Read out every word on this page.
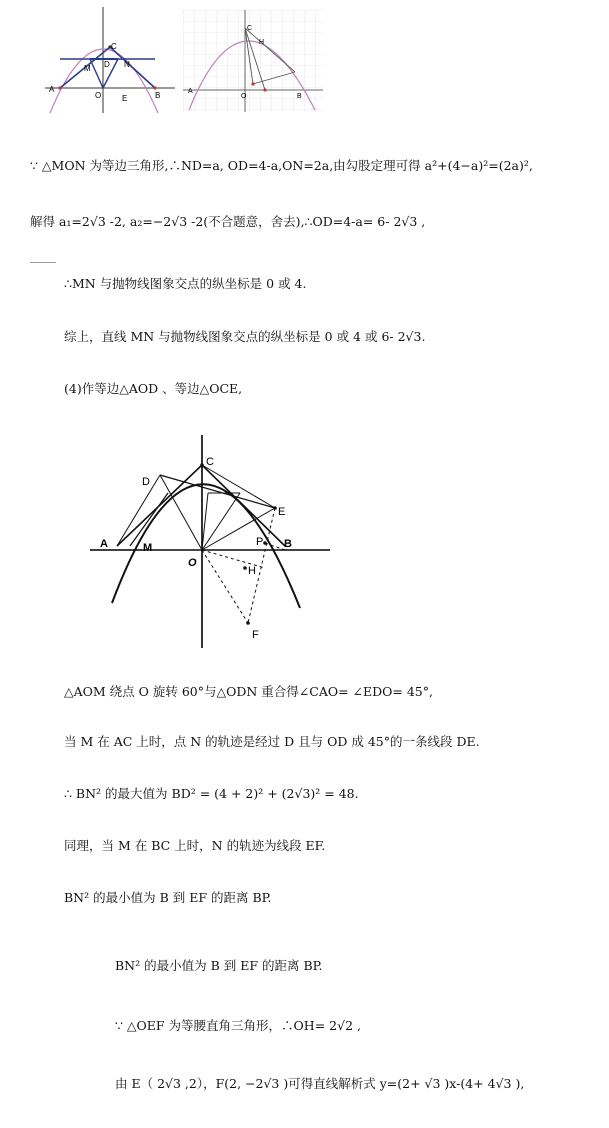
C
M D N
A
O	E	B
C
H
A
O	B
∵ △MON 为等边三角形,∴ND=a, OD=4-a,ON=2a,由勾股定理可得 a²+(4−a)²=(2a)²,
解得 a₁=2√3 -2, a₂=−2√3 -2(不合题意，舍去),∴OD=4-a= 6- 2√3 ,
∴MN 与抛物线图象交点的纵坐标是 0 或 4.
综上，直线 MN 与抛物线图象交点的纵坐标是 0 或 4 或 6- 2√3.
(4)作等边△AOD 、等边△OCE,
C
D
E
A	M
O
P B
H
F
△AOM 绕点 O 旋转 60°与△ODN 重合得∠CAO= ∠EDO= 45°,
当 M 在 AC 上时，点 N 的轨迹是经过 D 且与 OD 成 45°的一条线段 DE.
∴ BN² 的最大值为 BD² = (4 + 2)² + (2√3)² = 48.
同理，当 M 在 BC 上时，N 的轨迹为线段 EF.
BN² 的最小值为 B 到 EF 的距离 BP.
BN² 的最小值为 B 到 EF 的距离 BP.
∵ △OEF 为等腰直角三角形，∴OH= 2√2 ,
由 E（ 2√3 ,2），F(2, −2√3 )可得直线解析式 y=(2+ √3 )x-(4+ 4√3 ),
